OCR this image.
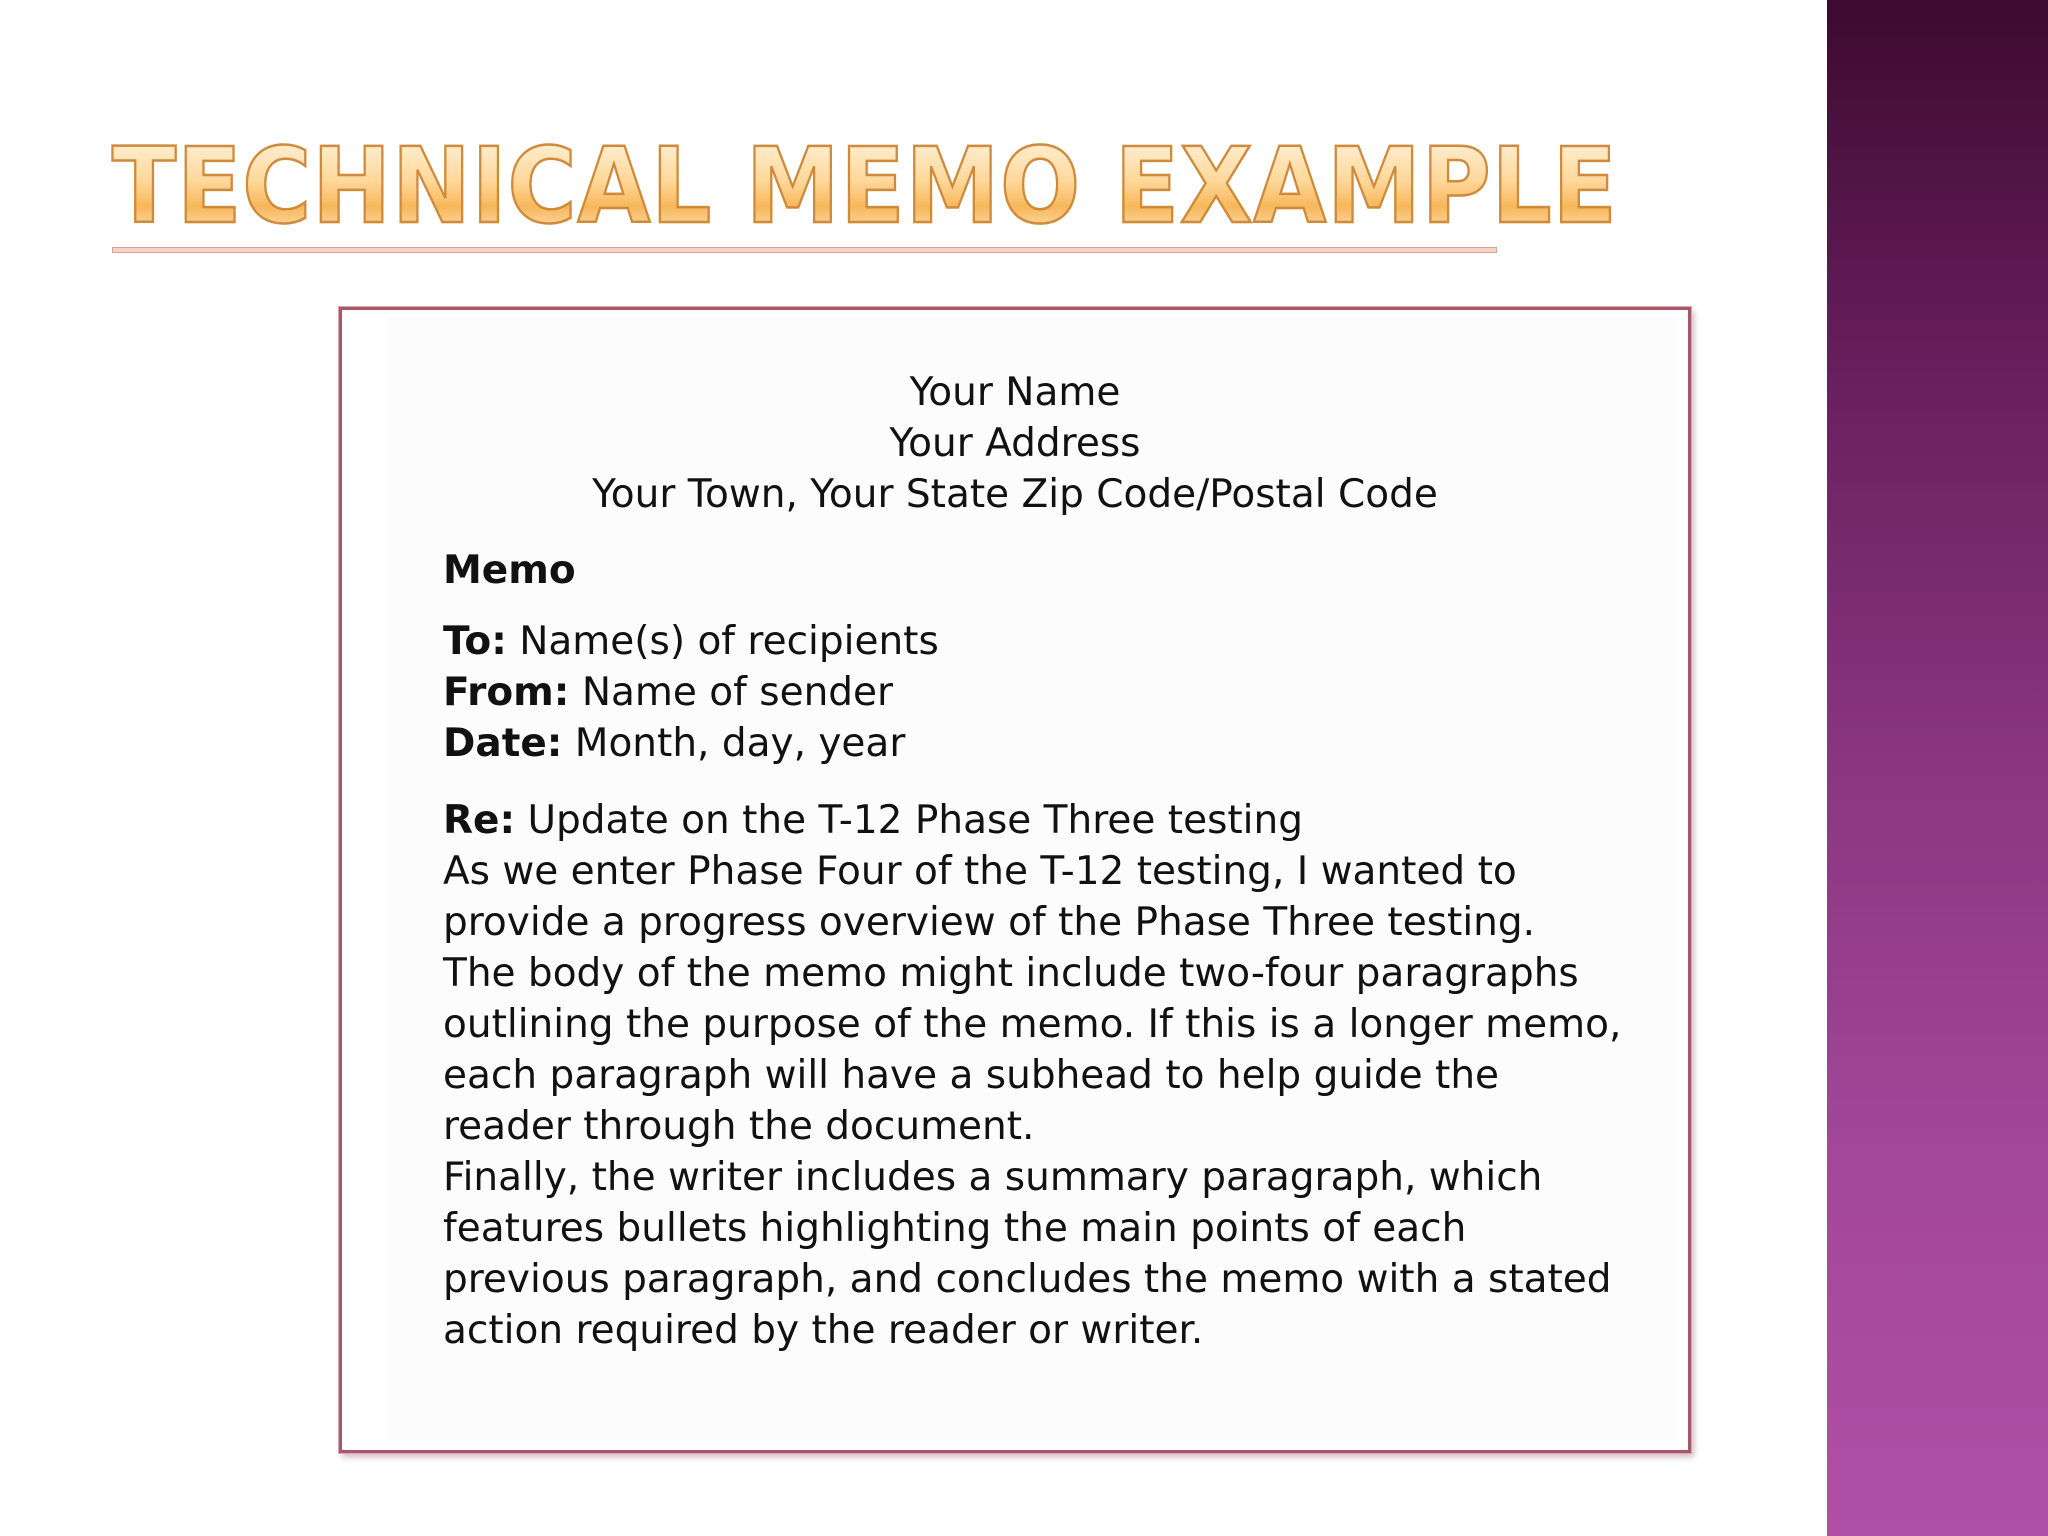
TECHNICAL MEMO EXAMPLE
Your Name
Your Address
Your Town, Your State Zip Code/Postal Code
Memo
To: Name(s) of recipients
From: Name of sender
Date: Month, day, year
Re: Update on the T-12 Phase Three testing
As we enter Phase Four of the T-12 testing, I wanted to
provide a progress overview of the Phase Three testing.
The body of the memo might include two-four paragraphs
outlining the purpose of the memo. If this is a longer memo,
each paragraph will have a subhead to help guide the
reader through the document.
Finally, the writer includes a summary paragraph, which
features bullets highlighting the main points of each
previous paragraph, and concludes the memo with a stated
action required by the reader or writer.
